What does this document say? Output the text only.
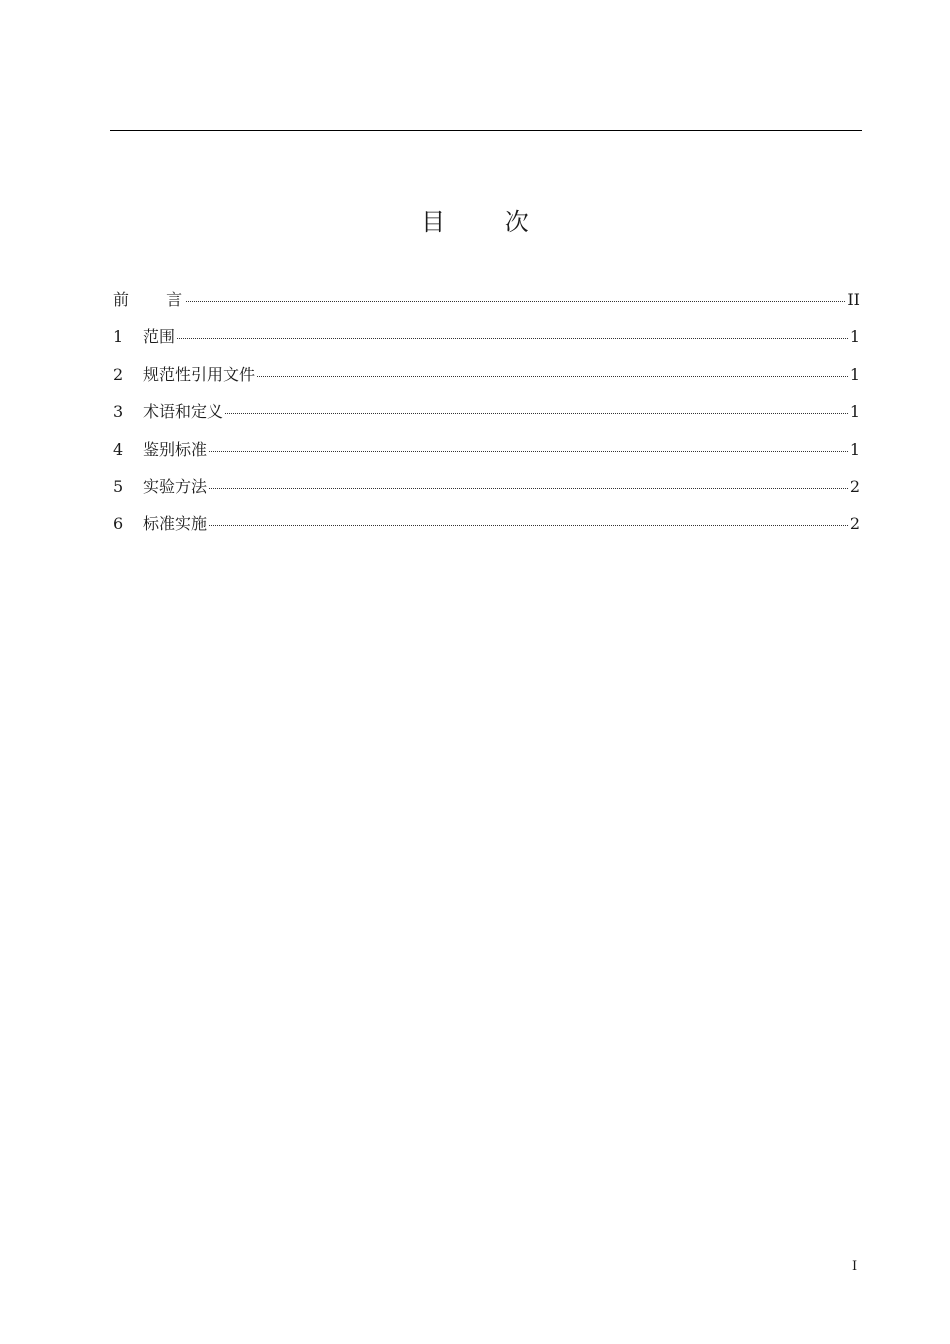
目 次
前 言	II
1	范围	1
2	规范性引用文件	1
3	术语和定义	1
4	鉴别标准	1
5	实验方法	2
6	标准实施	2
I
